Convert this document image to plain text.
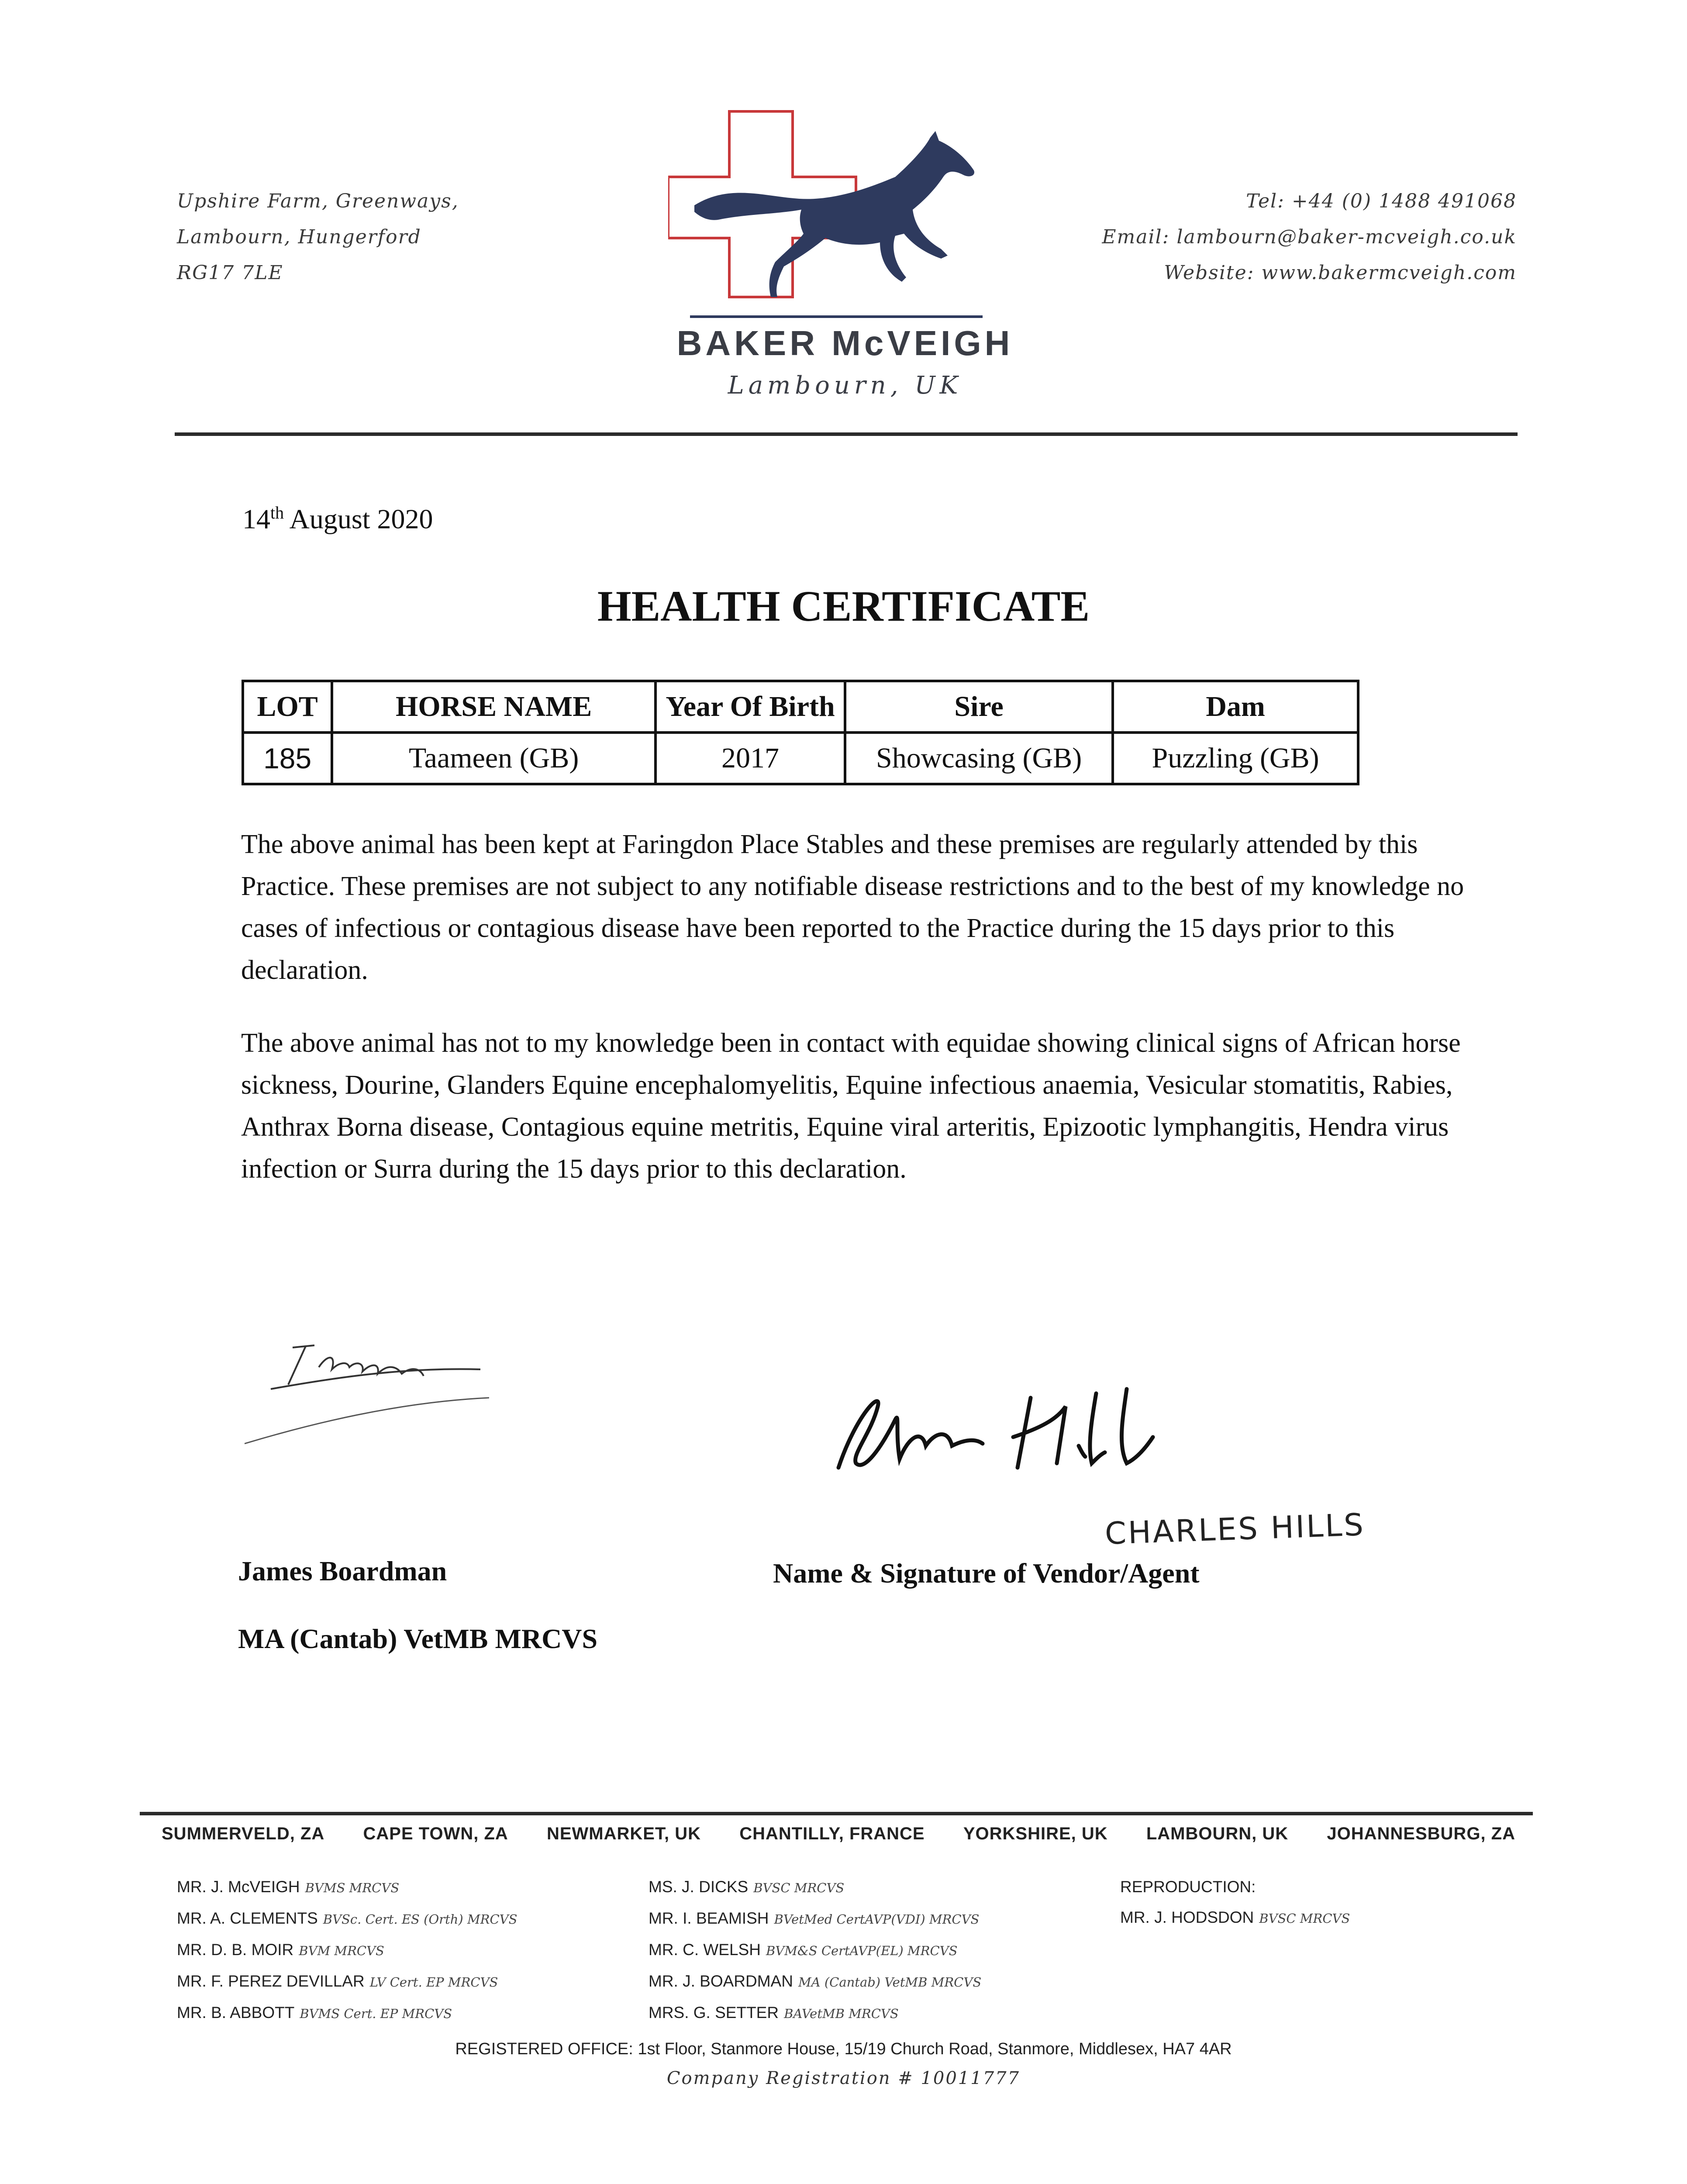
Upshire Farm, Greenways,
Lambourn, Hungerford
RG17 7LE
BAKER McVEIGH
Lambourn, UK
Tel: +44 (0) 1488 491068
Email: lambourn@baker-mcveigh.co.uk
Website: www.bakermcveigh.com
14th August 2020
HEALTH CERTIFICATE
LOT	HORSE NAME	Year Of Birth	Sire	Dam
185	Taameen (GB)	2017	Showcasing (GB)	Puzzling (GB)
The above animal has been kept at Faringdon Place Stables and these premises are regularly attended by this Practice. These premises are not subject to any notifiable disease restrictions and to the best of my knowledge no cases of infectious or contagious disease have been reported to the Practice during the 15 days prior to this declaration.
The above animal has not to my knowledge been in contact with equidae showing clinical signs of African horse sickness, Dourine, Glanders Equine encephalomyelitis, Equine infectious anaemia, Vesicular stomatitis, Rabies, Anthrax Borna disease, Contagious equine metritis, Equine viral arteritis, Epizootic lymphangitis, Hendra virus infection or Surra during the 15 days prior to this declaration.
CHARLES HILLS
James Boardman
MA (Cantab) VetMB MRCVS
Name & Signature of Vendor/Agent
SUMMERVELD, ZA CAPE TOWN, ZA NEWMARKET, UK CHANTILLY, FRANCE YORKSHIRE, UK LAMBOURN, UK JOHANNESBURG, ZA
MR. J. McVEIGH BVMS MRCVS
MR. A. CLEMENTS BVSc. Cert. ES (Orth) MRCVS
MR. D. B. MOIR BVM MRCVS
MR. F. PEREZ DEVILLAR LV Cert. EP MRCVS
MR. B. ABBOTT BVMS Cert. EP MRCVS
MS. J. DICKS BVSC MRCVS
MR. I. BEAMISH BVetMed CertAVP(VDI) MRCVS
MR. C. WELSH BVM&S CertAVP(EL) MRCVS
MR. J. BOARDMAN MA (Cantab) VetMB MRCVS
MRS. G. SETTER BAVetMB MRCVS
REPRODUCTION:
MR. J. HODSDON BVSC MRCVS
REGISTERED OFFICE: 1st Floor, Stanmore House, 15/19 Church Road, Stanmore, Middlesex, HA7 4AR
Company Registration # 10011777
